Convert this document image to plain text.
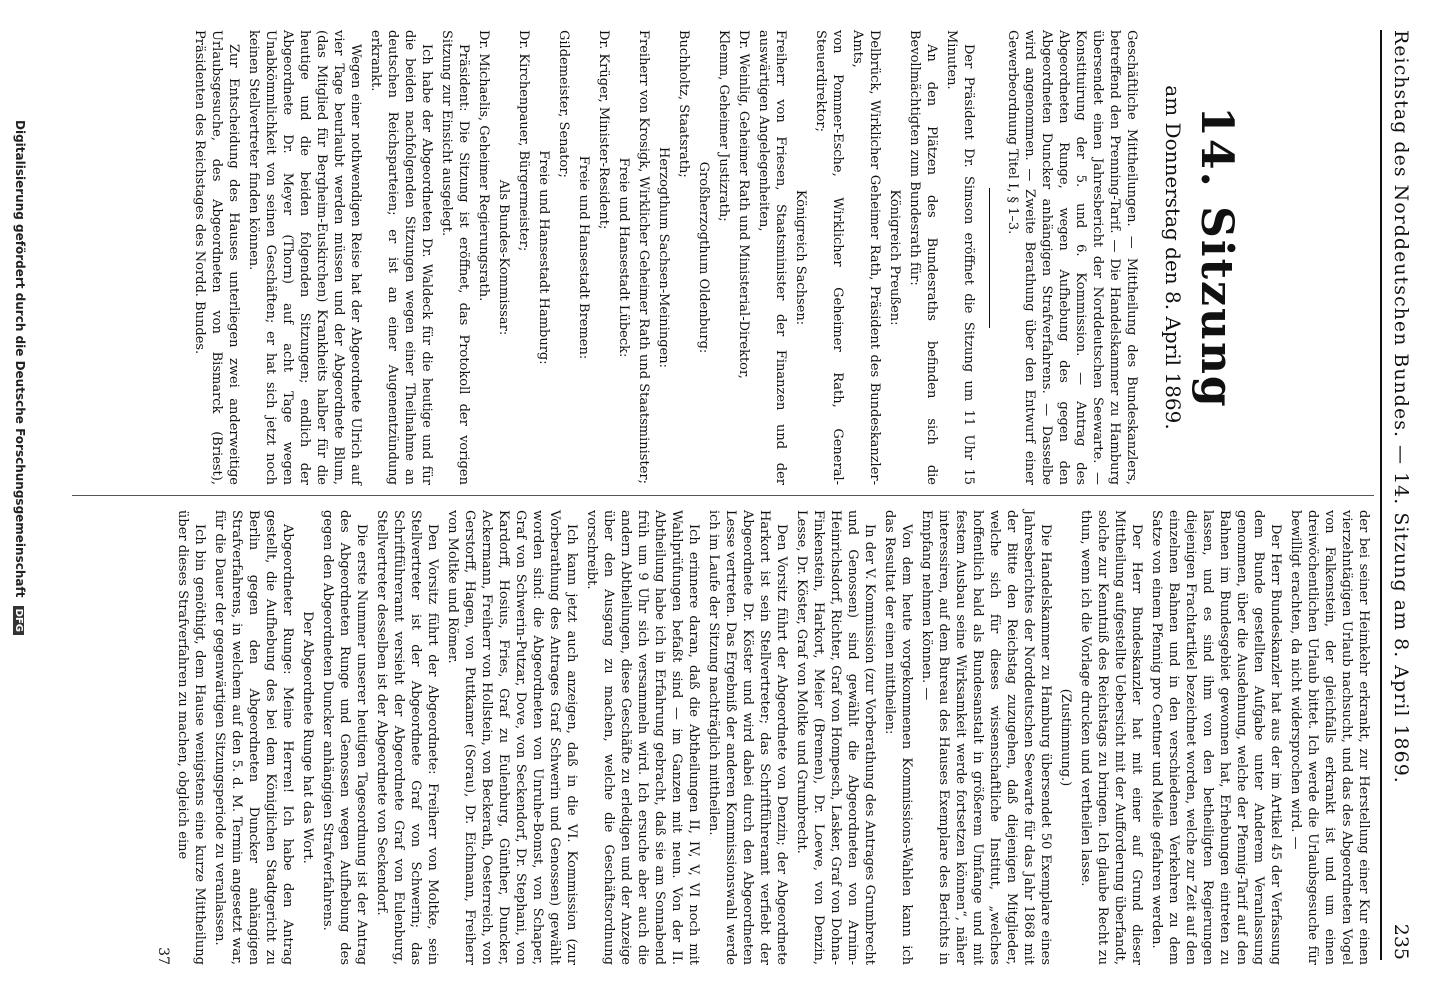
Reichstag des Norddeutschen Bundes. — 14. Sitzung am 8. April 1869.
235
14. Sitzung
am Donnerstag den 8. April 1869.

Geschäftliche Mittheilungen. — Mittheilung des Bundeskanzlers, betreffend den Prenning-Tarif. — Die Handelskammer zu Hamburg übersendet einen Jahresbericht der Norddeutschen Seewarte. — Konstituirung der 5. und 6. Kommission. — Antrag des Abgeordneten Runge, wegen Aufhebung des gegen den Abgeordneten Duncker anhängigen Strafverfahrens. — Dasselbe wird angenommen. — Zweite Berathung über den Entwurf einer Gewerbeordnung Titel I, § 1–3.

Der Präsident Dr. Simson eröffnet die Sitzung um 11 Uhr 15 Minuten.

An den Plätzen des Bundesraths befinden sich die Bevollmächtigten zum Bundesrath für:

Königreich Preußen:

Delbrück, Wirklicher Geheimer Rath, Präsident des Bundeskanzler-Amts,

von Pommer-Esche, Wirklicher Geheimer Rath, General-Steuerdirektor;

Königreich Sachsen:

Freiherr von Friesen, Staatsminister der Finanzen und der auswärtigen Angelegenheiten,

Dr. Weinlig, Geheimer Rath und Ministerial-Direktor,

Klemm, Geheimer Justizrath;

Großherzogthum Oldenburg:

Buchholtz, Staatsrath;

Herzogthum Sachsen-Meiningen:

Freiherr von Krosigk, Wirklicher Geheimer Rath und Staatsminister;

Freie und Hansestadt Lübeck:

Dr. Krüger, Minister-Resident;

Freie und Hansestadt Bremen:

Gildemeister, Senator;

Freie und Hansestadt Hamburg:

Dr. Kirchenpauer, Bürgermeister;

Als Bundes-Kommissar:

Dr. Michaelis, Geheimer Regierungsrath.

Präsident: Die Sitzung ist eröffnet, das Protokoll der vorigen Sitzung zur Einsicht ausgelegt.

Ich habe der Abgeordneten Dr. Waldeck für die heutige und für die beiden nachfolgenden Sitzungen wegen einer Theilnahme an deutschen Reichsparteien; er ist an einer Augenentzündung erkrankt.

Wegen einer nothwendigen Reise hat der Abgeordnete Ulrich auf vier Tage beurlaubt werden müssen und der Abgeordnete Blum, (das Mitglied für Bergheim-Euskirchen) Krankheits halber für die heutige und die beiden folgenden Sitzungen; endlich der Abgeordnete Dr. Meyer (Thorn) auf acht Tage wegen Unabkömmlichkeit von seinen Geschäften; er hat sich jetzt noch keinen Stellvertreter finden können.

Zur Entscheidung des Hauses unterliegen zwei anderweitige Urlaubsgesuche, des Abgeordneten von Bismarck (Briest), Präsidenten des Reichstages des Nordd. Bundes.

der bei seiner Heimkehr erkrankt, zur Herstellung einer Kur einen vierzehntägigen Urlaub nachsucht, und das des Abgeordneten Vogel von Falkenstein, der gleichfalls erkrankt ist und um einen dreiwöchentlichen Urlaub bittet. Ich werde die Urlaubsgesuche für bewilligt erachten, da nicht widersprochen wird. —

Der Herr Bundeskanzler hat aus der im Artikel 45 der Verfassung dem Bunde gestellten Aufgabe unter Anderem Veranlassung genommen, über die Ausdehnung, welche der Pfennig-Tarif auf den Bahnen im Bundesgebiet gewonnen hat, Erhebungen eintreten zu lassen, und es sind ihm von den betheiligten Regierungen diejenigen Frachtartikel bezeichnet worden, welche zur Zeit auf den einzelnen Bahnen und in den verschiedenen Verkehren zu dem Satze von einem Pfennig pro Centner und Meile gefahren werden.

Der Herr Bundeskanzler hat mit einer auf Grund dieser Mittheilung aufgestellte Uebersicht mit der Aufforderung überfandt, solche zur Kenntniß des Reichstags zu bringen. Ich glaube Recht zu thun, wenn ich die Vorlage drucken und vertheilen lasse.

(Zustimmung.)

Die Handelskammer zu Hamburg übersendet 50 Exemplare eines Jahresberichtes der Norddeutschen Seewarte für das Jahr 1868 mit der Bitte den Reichstag zuzugehen, daß diejenigen Mitglieder, welche sich für dieses wissenschaftliche Institut, „welches hoffentlich bald als Bundesanstalt in größerem Umfange und mit festem Ausbau seine Wirksamkeit werde fortsetzen können“, näher interessiren, auf dem Bureau des Hauses Exemplare des Berichts in Empfang nehmen können. —

Von dem heute vorgekommenen Kommissions-Wahlen kann ich das Resultat der einen mittheilen:

In der V. Kommission (zur Vorberathung des Antrages Grumbrecht und Genossen) sind gewählt die Abgeordneten von Arnim-Heinrichsdorf, Richter, Graf von Hompesch, Lasker, Graf von Dohna-Finkenstein, Harkort, Meier (Bremen), Dr. Loewe, von Denzin, Lesse, Dr. Köster, Graf von Moltke und Grumbrecht.

Den Vorsitz führt der Abgeordnete von Denzin; der Abgeordnete Harkort ist sein Stellvertreter; das Schriftführeramt verfiebt der Abgeordnete Dr. Köster und wird dabei durch den Abgeordneten Lesse vertreten. Das Ergebniß der anderen Kommissionswahl werde ich im Laufe der Sitzung nachträglich mittheilen.

Ich erinnere daran, daß die Abtheilungen II, IV, V, VI noch mit Wahlprüfungen befaßt sind — im Ganzen mit neun. Von der II. Abtheilung habe ich in Erfahrung gebracht, daß sie am Sonnabend früh um 9 Uhr sich versammeln wird. Ich ersuche aber auch die andern Abtheilungen, diese Geschäfte zu erledigen und der Anzeige über den Ausgang zu machen, welche die Geschäftsordnung vorschreibt.

Ich kann jetzt auch anzeigen, daß in die VI. Kommission (zur Vorberathung des Antrages Graf Schwerin und Genossen) gewählt worden sind: die Abgeordneten von Unruhe-Bomst, von Schaper, Graf von Schwerin-Putzar, Dove, von Seckendorf, Dr. Stephani, von Kardorff, Hosius, Fries, Graf zu Eulenburg, Günther, Duncker, Ackermann, Freiherr von Hollstein, von Beckerath, Oesterreich, von Gerstorff, Hagen, von Puttkamer (Sorau), Dr. Eichmann, Freiherr von Moltke und Römer.

Den Vorsitz führt der Abgeordnete: Freiherr von Moltke, sein Stellvertreter ist der Abgeordnete Graf von Schwerin; das Schriftführeramt versieht der Abgeordnete Graf von Eulenburg, Stellvertreter desselben ist der Abgeordnete von Seckendorf.

Die erste Nummer unserer heutigen Tagesordnung ist der Antrag des Abgeordneten Runge und Genossen wegen Aufhebung des gegen den Abgeordneten Duncker anhängigen Strafverfahrens.

Der Abgeordnete Runge hat das Wort.

Abgeordneter Runge: Meine Herren! Ich habe den Antrag gestellt, die Aufhebung des bei dem Königlichen Stadtgericht zu Berlin gegen den Abgeordneten Duncker anhängigen Strafverfahrens, in welchem auf den 5. d. M. Termin angesetzt war, für die Dauer der gegenwärtigen Sitzungsperiode zu veranlassen.

Ich bin genöthigt, dem Hause wenigstens eine kurze Mittheilung über dieses Strafverfahren zu machen, obgleich eine

37
Digitalisierung gefördert durch die Deutsche Forschungsgemeinschaft DFG
